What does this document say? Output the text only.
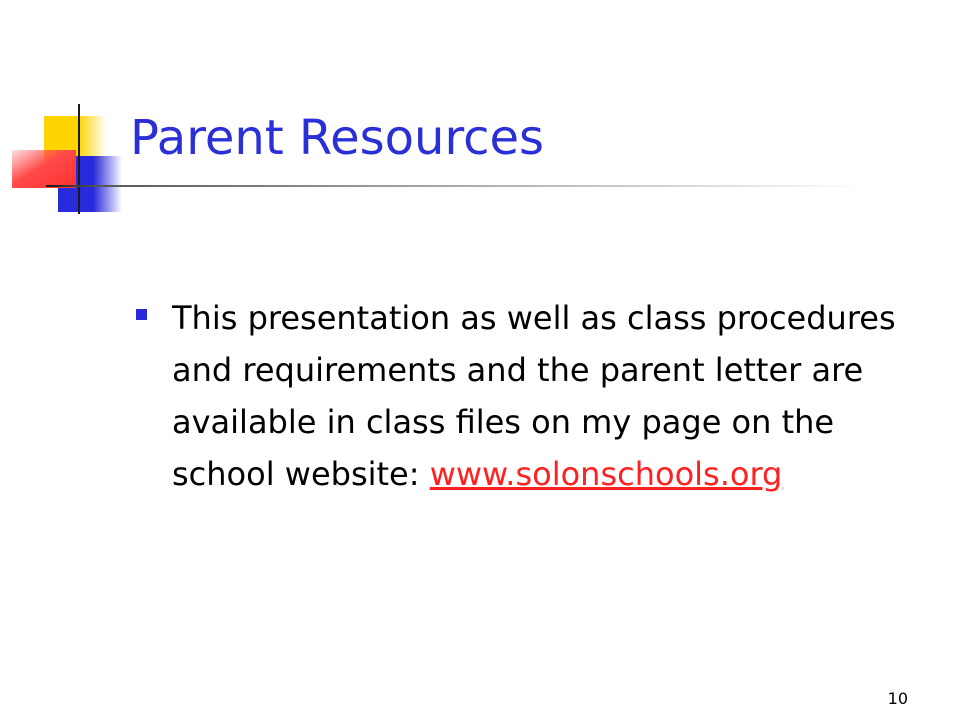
Parent Resources
This presentation as well as class procedures and requirements and the parent letter are available in class files on my page on the school website: www.solonschools.org
10
